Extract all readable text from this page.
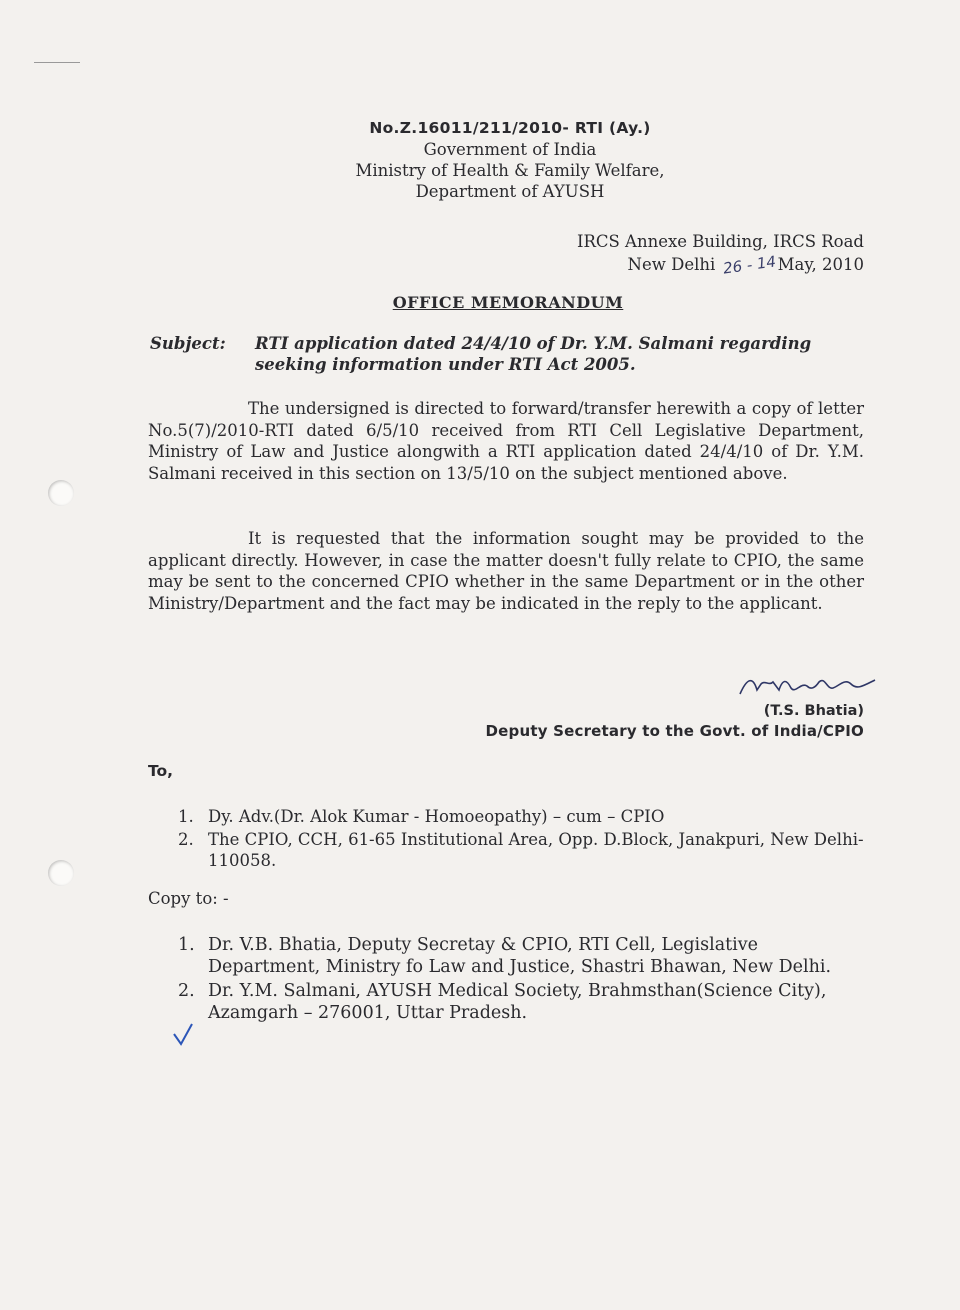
No.Z.16011/211/2010- RTI (Ay.)
Government of India
Ministry of Health & Family Welfare,
Department of AYUSH
IRCS Annexe Building, IRCS Road
New Delhi 26 - 14May, 2010
OFFICE MEMORANDUM
Subject: RTI application dated 24/4/10 of Dr. Y.M. Salmani regarding seeking information under RTI Act 2005.
The undersigned is directed to forward/transfer herewith a copy of letter No.5(7)/2010-RTI dated 6/5/10 received from RTI Cell Legislative Department, Ministry of Law and Justice alongwith a RTI application dated 24/4/10 of Dr. Y.M. Salmani received in this section on 13/5/10 on the subject mentioned above.
It is requested that the information sought may be provided to the applicant directly. However, in case the matter doesn't fully relate to CPIO, the same may be sent to the concerned CPIO whether in the same Department or in the other Ministry/Department and the fact may be indicated in the reply to the applicant.
(T.S. Bhatia)
Deputy Secretary to the Govt. of India/CPIO
To,
1. Dy. Adv.(Dr. Alok Kumar - Homoeopathy) – cum – CPIO
2. The CPIO, CCH, 61-65 Institutional Area, Opp. D.Block, Janakpuri, New Delhi-110058.
Copy to: -
1. Dr. V.B. Bhatia, Deputy Secretay & CPIO, RTI Cell, Legislative Department, Ministry fo Law and Justice, Shastri Bhawan, New Delhi.
2. Dr. Y.M. Salmani, AYUSH Medical Society, Brahmsthan(Science City), Azamgarh – 276001, Uttar Pradesh.
